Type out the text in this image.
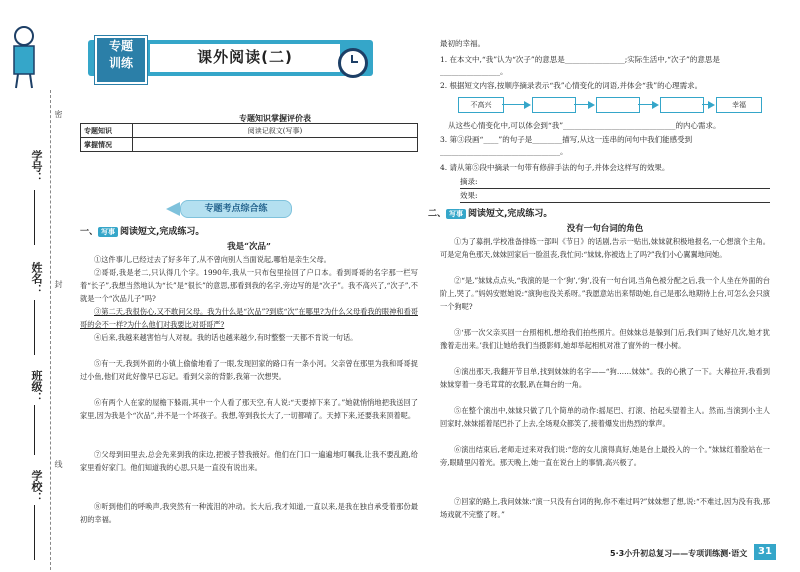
密
封
线
学号：
姓名：
班级：
学校：
专题
训练	课外阅读(二)
专题知识掌握评价表
专题知识	阅读记叙文(写事)
掌握情况	
专题考点综合练
一、 写事 阅读短文,完成练习。
我是“次品”
①这件事儿,已经过去了好多年了,从不曾向别人当面说起,哪怕是亲生父母。
②哥哥,我是老二,只认得几个字。1990年,我从一只布包里捡回了户口本。看到哥哥的名字那一栏写着“长子”,我想当然地认为“长”是“很长”的意思,那看到我的名字,旁边写的是“次子”。我不高兴了,“次子”,不就是一个“次品儿子”吗?
③第二天,我很伤心,又不敢问父母。我为什么是“次品”?到底“次”在哪里?为什么父母看我的眼神和看哥哥的会不一样?为什么他们对我要比对哥哥严?
④后来,我越来越害怕与人对视。我的话也越来越少,有时整整一天都不肯说一句话。
⑤有一天,我到外面的小镇上偷偷地看了一眼,发现回家的路口有一条小河。父亲曾在那里为我和哥哥捉过小鱼,他们对此好像早已忘记。看到父亲的背影,我第一次想哭。
⑥有两个人在家的屋檐下躲雨,其中一个人看了那天空,有人说:“天要掉下来了。”她就悄悄地把我送回了家里,因为我是个“次品”,并不是一个坏孩子。我想,等到我长大了,一切都晴了。天掉下来,还要我来顶着呢。
⑦父母到田里去,总会先来到我的床边,把被子替我掖好。他们在门口一遍遍地叮嘱我,让我不要乱跑,给家里看好家门。他们知道我的心思,只是一直没有说出来。
⑧听到他们的呼唤声,我突然有一种流泪的冲动。长大后,我才知道,一直以来,是我在独自承受着那份最初的幸福。
最初的幸福。
1. 在本文中,“我”认为“次子”的意思是________________;实际生活中,“次子”的意思是________________。
2. 根据短文内容,按顺序摘录表示“我”心情变化的词语,并体会“我”的心理需求。
不高兴	幸福
从这些心情变化中,可以体会到“我”______________________________的内心需求。
3. 第③段画“____”的句子是________描写,从这一连串的问句中我们能感受到________________________________。
4. 请从第⑤段中摘录一句带有修辞手法的句子,并体会这样写的效果。
摘录:
效果:
二、 写事 阅读短文,完成练习。
没有一句台词的角色
①为了募捐,学校准备排练一部叫《节日》的话剧,告示一贴出,妹妹就积极地报名,一心想演个主角。可是定角色那天,妹妹回家后一脸沮丧,我忙问:“妹妹,你被选上了吗?”我们小心翼翼地问她。
②“是,”妹妹点点头,“我演的是一个‘狗’,‘狗’,没有一句台词,当角色被分配之后,我一个人坐在外面的台阶上,哭了。”妈妈安慰她说:“演狗也没关系呀。”我愿意站出来帮助她,自己是那么地期待上台,可怎么会只演一个狗呢?
③‘那一次父亲买回一台照相机,想给我们拍些照片。但妹妹总是躲到门后,我们叫了她好几次,她才犹豫着走出来。’我们让她给我们当摄影师,她却举起相机对准了窗外的一棵小树。
④演出那天,我翻开节目单,找到妹妹的名字——“狗……妹妹”。我的心揪了一下。大幕拉开,我看到妹妹穿着一身毛茸茸的衣服,趴在舞台的一角。
⑤在整个演出中,妹妹只做了几个简单的动作:摇尾巴、打滚、抬起头望着主人。然而,当演到小主人回家时,妹妹摇着尾巴扑了上去,全场观众都笑了,接着爆发出热烈的掌声。
⑥演出结束后,老师走过来对我们说:“您的女儿演得真好,她是台上最投入的一个。”妹妹红着脸站在一旁,眼睛里闪着光。那天晚上,她一直在说台上的事情,高兴极了。
⑦回家的路上,我问妹妹:“演一只没有台词的狗,你不难过吗?”妹妹想了想,说:“不难过,因为没有我,那场戏就不完整了呀。”
5·3小升初总复习——专项训练测·语文	31
